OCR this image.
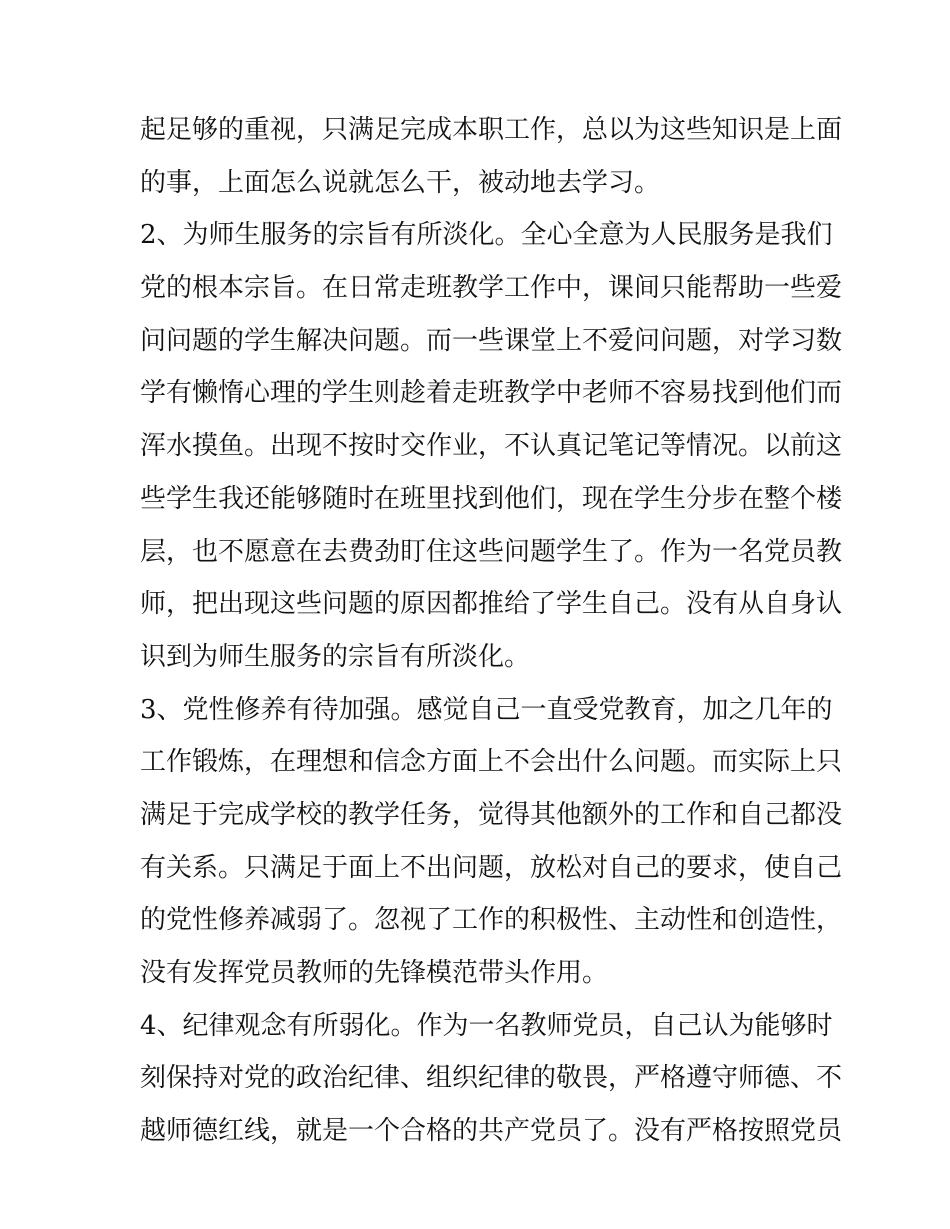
起足够的重视，只满足完成本职工作，总以为这些知识是上面
的事，上面怎么说就怎么干，被动地去学习。
2、为师生服务的宗旨有所淡化。全心全意为人民服务是我们
党的根本宗旨。在日常走班教学工作中，课间只能帮助一些爱
问问题的学生解决问题。而一些课堂上不爱问问题，对学习数
学有懒惰心理的学生则趁着走班教学中老师不容易找到他们而
浑水摸鱼。出现不按时交作业，不认真记笔记等情况。以前这
些学生我还能够随时在班里找到他们，现在学生分步在整个楼
层，也不愿意在去费劲盯住这些问题学生了。作为一名党员教
师，把出现这些问题的原因都推给了学生自己。没有从自身认
识到为师生服务的宗旨有所淡化。
3、党性修养有待加强。感觉自己一直受党教育，加之几年的
工作锻炼，在理想和信念方面上不会出什么问题。而实际上只
满足于完成学校的教学任务，觉得其他额外的工作和自己都没
有关系。只满足于面上不出问题，放松对自己的要求，使自己
的党性修养减弱了。忽视了工作的积极性、主动性和创造性，
没有发挥党员教师的先锋模范带头作用。
4、纪律观念有所弱化。作为一名教师党员，自己认为能够时
刻保持对党的政治纪律、组织纪律的敬畏，严格遵守师德、不
越师德红线，就是一个合格的共产党员了。没有严格按照党员
